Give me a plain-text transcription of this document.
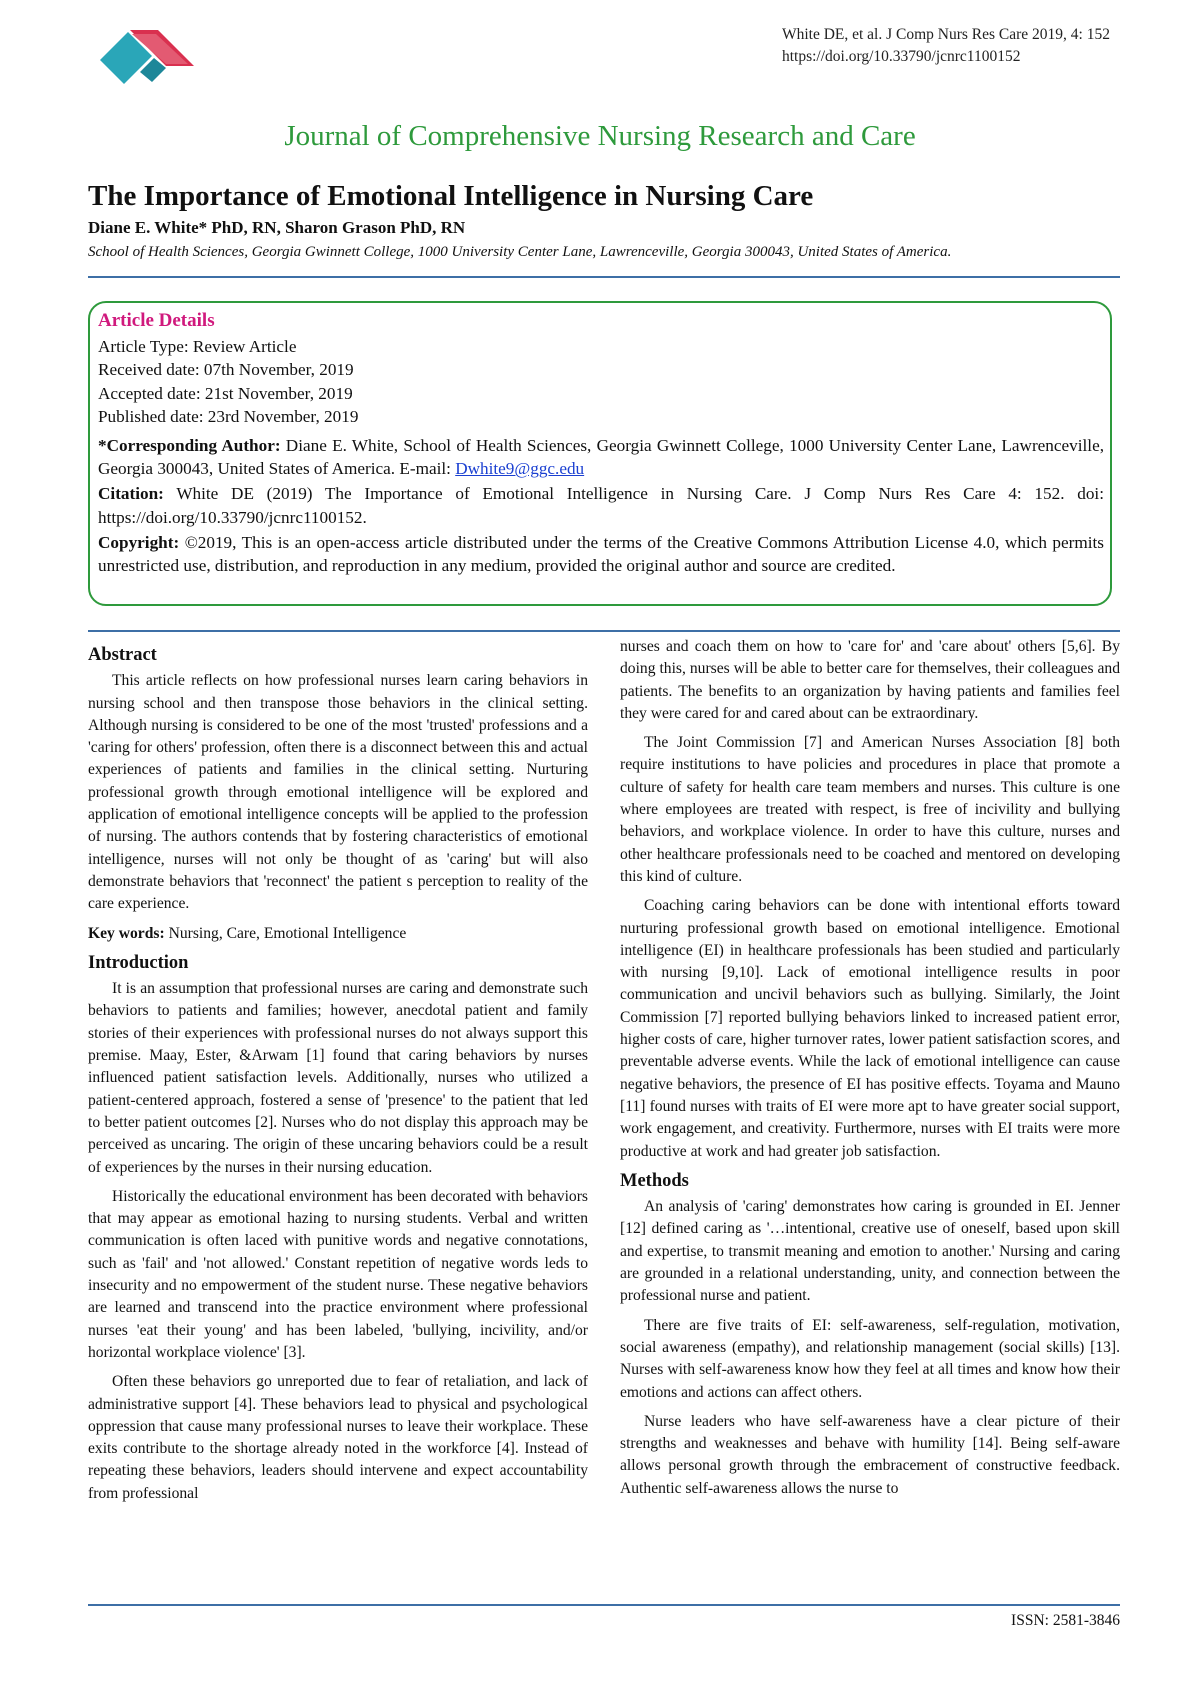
White DE, et al. J Comp Nurs Res Care 2019, 4: 152
https://doi.org/10.33790/jcnrc1100152
Journal of Comprehensive Nursing Research and Care
The Importance of Emotional Intelligence in Nursing Care
Diane E. White* PhD, RN, Sharon Grason PhD, RN
School of Health Sciences, Georgia Gwinnett College, 1000 University Center Lane, Lawrenceville, Georgia 300043, United States of America.
Article Details
Article Type: Review Article
Received date: 07th November, 2019
Accepted date: 21st November, 2019
Published date: 23rd November, 2019

*Corresponding Author: Diane E. White, School of Health Sciences, Georgia Gwinnett College, 1000 University Center Lane, Lawrenceville, Georgia 300043, United States of America. E-mail: Dwhite9@ggc.edu

Citation: White DE (2019) The Importance of Emotional Intelligence in Nursing Care. J Comp Nurs Res Care 4: 152. doi: https://doi.org/10.33790/jcnrc1100152.

Copyright: ©2019, This is an open-access article distributed under the terms of the Creative Commons Attribution License 4.0, which permits unrestricted use, distribution, and reproduction in any medium, provided the original author and source are credited.

Abstract

This article reflects on how professional nurses learn caring behaviors in nursing school and then transpose those behaviors in the clinical setting. Although nursing is considered to be one of the most 'trusted' professions and a 'caring for others' profession, often there is a disconnect between this and actual experiences of patients and families in the clinical setting. Nurturing professional growth through emotional intelligence will be explored and application of emotional intelligence concepts will be applied to the profession of nursing. The authors contends that by fostering characteristics of emotional intelligence, nurses will not only be thought of as 'caring' but will also demonstrate behaviors that 'reconnect' the patient s perception to reality of the care experience.

Key words: Nursing, Care, Emotional Intelligence

Introduction

It is an assumption that professional nurses are caring and demonstrate such behaviors to patients and families; however, anecdotal patient and family stories of their experiences with professional nurses do not always support this premise. Maay, Ester, &Arwam [1] found that caring behaviors by nurses influenced patient satisfaction levels. Additionally, nurses who utilized a patient-centered approach, fostered a sense of 'presence' to the patient that led to better patient outcomes [2]. Nurses who do not display this approach may be perceived as uncaring. The origin of these uncaring behaviors could be a result of experiences by the nurses in their nursing education.

Historically the educational environment has been decorated with behaviors that may appear as emotional hazing to nursing students. Verbal and written communication is often laced with punitive words and negative connotations, such as 'fail' and 'not allowed.' Constant repetition of negative words leds to insecurity and no empowerment of the student nurse. These negative behaviors are learned and transcend into the practice environment where professional nurses 'eat their young' and has been labeled, 'bullying, incivility, and/or horizontal workplace violence' [3].

Often these behaviors go unreported due to fear of retaliation, and lack of administrative support [4]. These behaviors lead to physical and psychological oppression that cause many professional nurses to leave their workplace. These exits contribute to the shortage already noted in the workforce [4]. Instead of repeating these behaviors, leaders should intervene and expect accountability from professional

nurses and coach them on how to 'care for' and 'care about' others [5,6]. By doing this, nurses will be able to better care for themselves, their colleagues and patients. The benefits to an organization by having patients and families feel they were cared for and cared about can be extraordinary.

The Joint Commission [7] and American Nurses Association [8] both require institutions to have policies and procedures in place that promote a culture of safety for health care team members and nurses. This culture is one where employees are treated with respect, is free of incivility and bullying behaviors, and workplace violence. In order to have this culture, nurses and other healthcare professionals need to be coached and mentored on developing this kind of culture.

Coaching caring behaviors can be done with intentional efforts toward nurturing professional growth based on emotional intelligence. Emotional intelligence (EI) in healthcare professionals has been studied and particularly with nursing [9,10]. Lack of emotional intelligence results in poor communication and uncivil behaviors such as bullying. Similarly, the Joint Commission [7] reported bullying behaviors linked to increased patient error, higher costs of care, higher turnover rates, lower patient satisfaction scores, and preventable adverse events. While the lack of emotional intelligence can cause negative behaviors, the presence of EI has positive effects. Toyama and Mauno [11] found nurses with traits of EI were more apt to have greater social support, work engagement, and creativity. Furthermore, nurses with EI traits were more productive at work and had greater job satisfaction.

Methods

An analysis of 'caring' demonstrates how caring is grounded in EI. Jenner [12] defined caring as '…intentional, creative use of oneself, based upon skill and expertise, to transmit meaning and emotion to another.' Nursing and caring are grounded in a relational understanding, unity, and connection between the professional nurse and patient.

There are five traits of EI: self-awareness, self-regulation, motivation, social awareness (empathy), and relationship management (social skills) [13]. Nurses with self-awareness know how they feel at all times and know how their emotions and actions can affect others.

Nurse leaders who have self-awareness have a clear picture of their strengths and weaknesses and behave with humility [14]. Being self-aware allows personal growth through the embracement of constructive feedback. Authentic self-awareness allows the nurse to

ISSN: 2581-3846
